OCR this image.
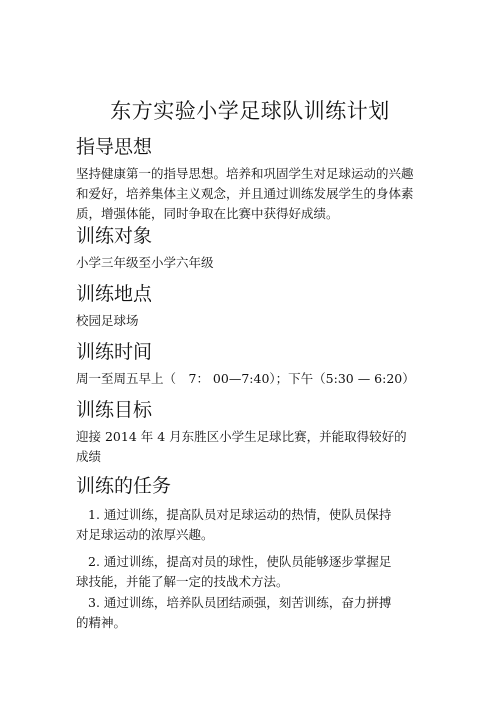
东方实验小学足球队训练计划
指导思想
坚持健康第一的指导思想。培养和巩固学生对足球运动的兴趣
和爱好，培养集体主义观念，并且通过训练发展学生的身体素
质，增强体能，同时争取在比赛中获得好成绩。
训练对象
小学三年级至小学六年级
训练地点
校园足球场
训练时间
周一至周五早上（　7： 00—7:40）；下午（5:30 — 6:20）
训练目标
迎接 2014 年 4 月东胜区小学生足球比赛，并能取得较好的
成绩
训练的任务
1. 通过训练，提高队员对足球运动的热情，使队员保持
对足球运动的浓厚兴趣。
2. 通过训练，提高对员的球性，使队员能够逐步掌握足
球技能，并能了解一定的技战术方法。
3. 通过训练，培养队员团结顽强，刻苦训练，奋力拼搏
的精神。
